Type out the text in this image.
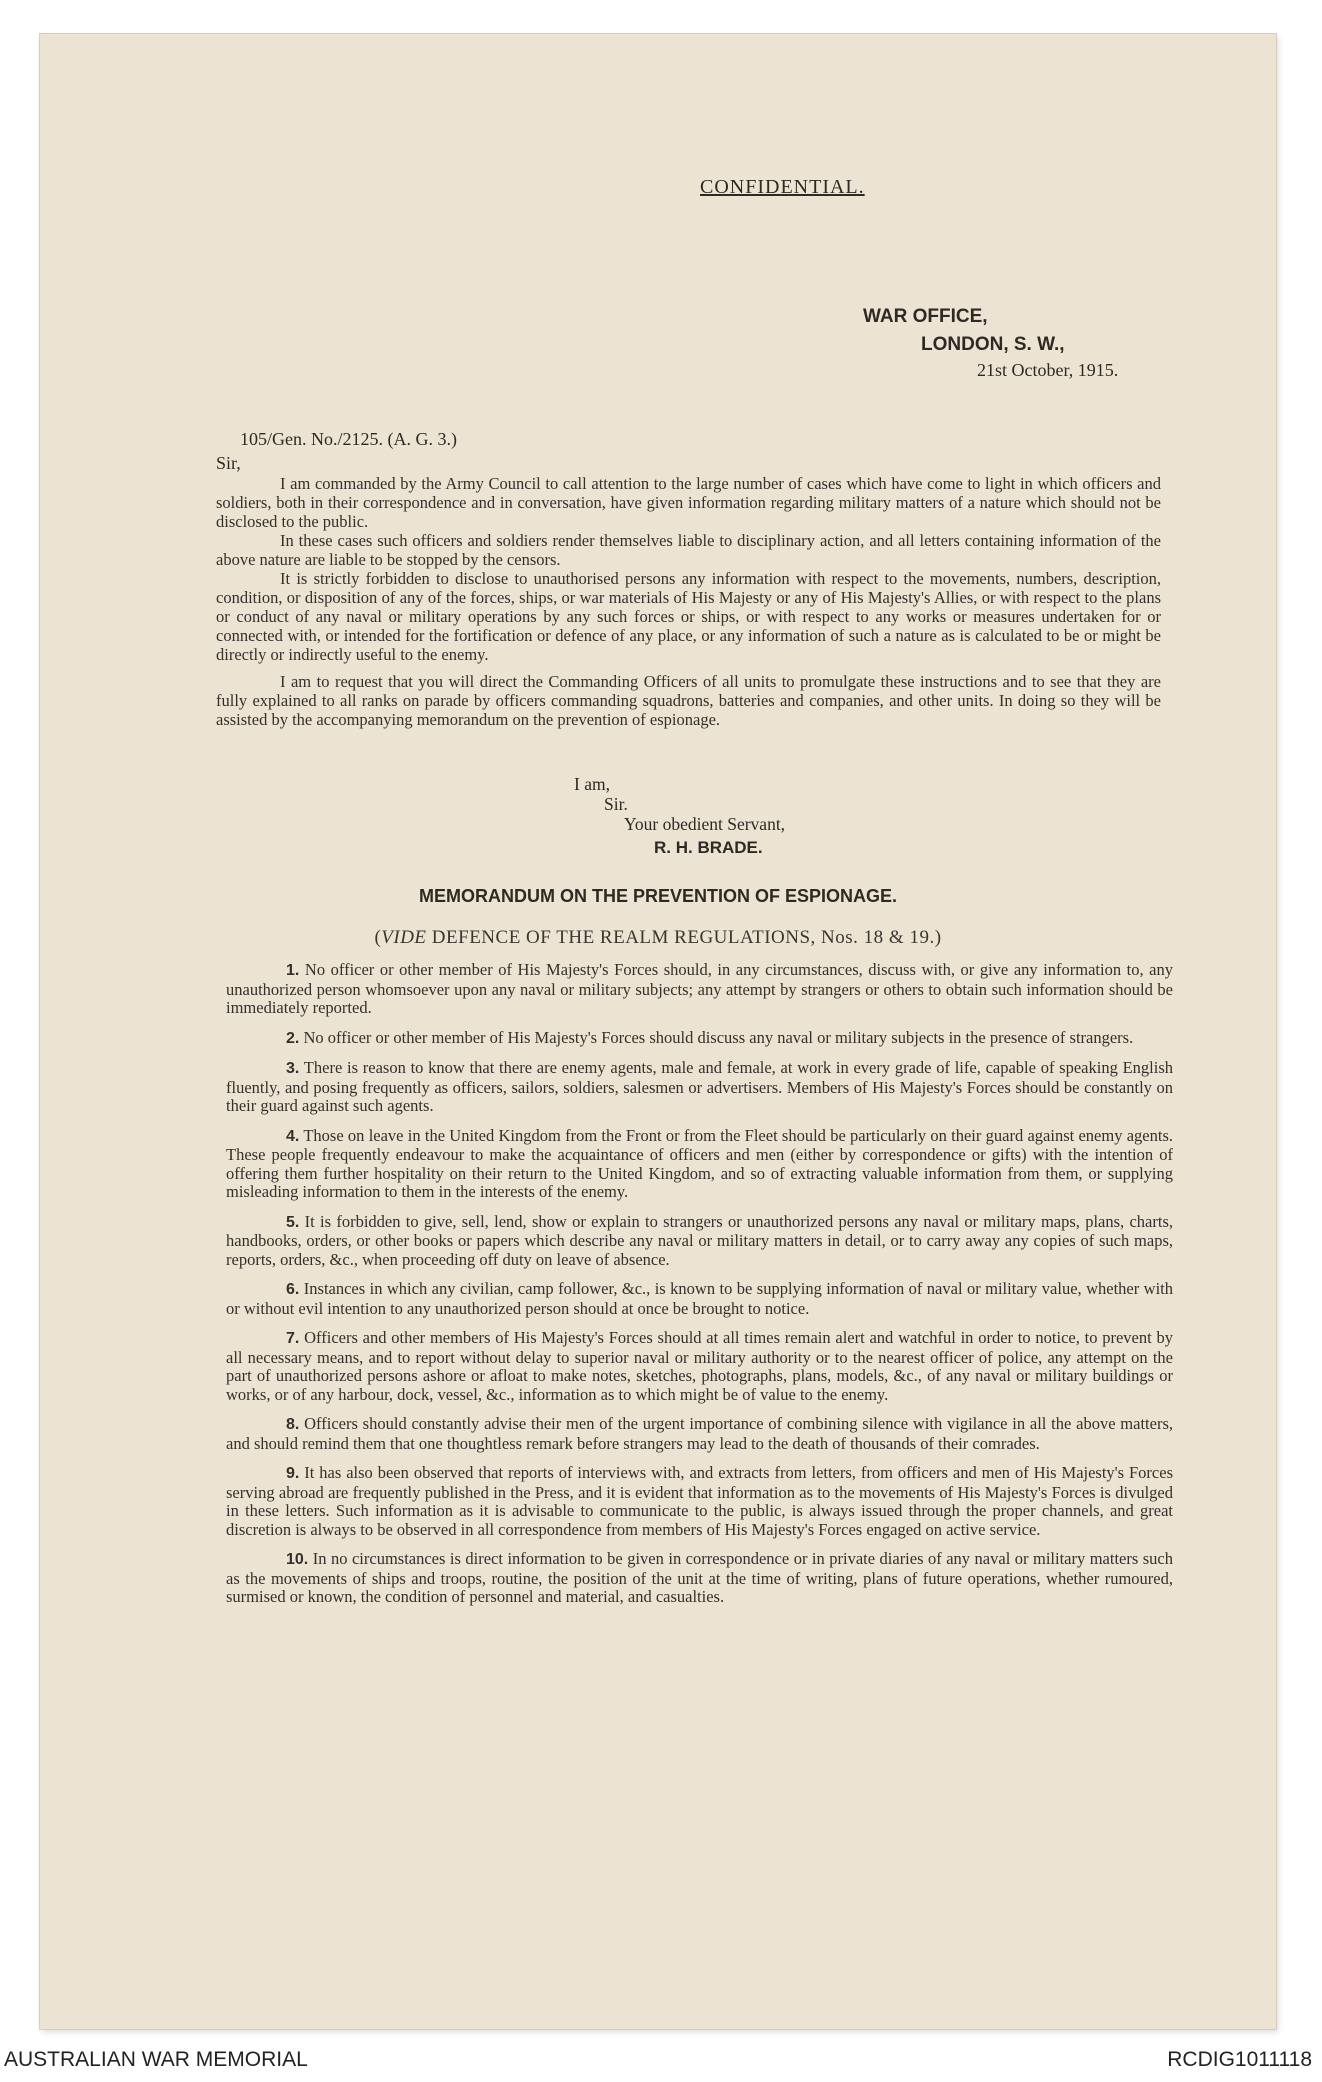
CONFIDENTIAL.
WAR OFFICE,
LONDON, S. W.,
21st October, 1915.
105/Gen. No./2125. (A. G. 3.)
Sir,

I am commanded by the Army Council to call attention to the large number of cases which have come to light in which officers and soldiers, both in their correspondence and in conversation, have given information regarding military matters of a nature which should not be disclosed to the public.

In these cases such officers and soldiers render themselves liable to disciplinary action, and all letters containing information of the above nature are liable to be stopped by the censors.

It is strictly forbidden to disclose to unauthorised persons any information with respect to the movements, numbers, description, condition, or disposition of any of the forces, ships, or war materials of His Majesty or any of His Majesty's Allies, or with respect to the plans or conduct of any naval or military operations by any such forces or ships, or with respect to any works or measures undertaken for or connected with, or intended for the fortification or defence of any place, or any information of such a nature as is calculated to be or might be directly or indirectly useful to the enemy.

I am to request that you will direct the Commanding Officers of all units to promulgate these instructions and to see that they are fully explained to all ranks on parade by officers commanding squadrons, batteries and companies, and other units. In doing so they will be assisted by the accompanying memorandum on the prevention of espionage.

I am,
Sir.
Your obedient Servant,
R. H. BRADE.
MEMORANDUM ON THE PREVENTION OF ESPIONAGE.
(VIDE DEFENCE OF THE REALM REGULATIONS, Nos. 18 & 19.)

1. No officer or other member of His Majesty's Forces should, in any circumstances, discuss with, or give any information to, any unauthorized person whomsoever upon any naval or military subjects; any attempt by strangers or others to obtain such information should be immediately reported.

2. No officer or other member of His Majesty's Forces should discuss any naval or military subjects in the presence of strangers.

3. There is reason to know that there are enemy agents, male and female, at work in every grade of life, capable of speaking English fluently, and posing frequently as officers, sailors, soldiers, salesmen or advertisers. Members of His Majesty's Forces should be constantly on their guard against such agents.

4. Those on leave in the United Kingdom from the Front or from the Fleet should be particularly on their guard against enemy agents. These people frequently endeavour to make the acquaintance of officers and men (either by correspondence or gifts) with the intention of offering them further hospitality on their return to the United Kingdom, and so of extracting valuable information from them, or supplying misleading information to them in the interests of the enemy.

5. It is forbidden to give, sell, lend, show or explain to strangers or unauthorized persons any naval or military maps, plans, charts, handbooks, orders, or other books or papers which describe any naval or military matters in detail, or to carry away any copies of such maps, reports, orders, &c., when proceeding off duty on leave of absence.

6. Instances in which any civilian, camp follower, &c., is known to be supplying information of naval or military value, whether with or without evil intention to any unauthorized person should at once be brought to notice.

7. Officers and other members of His Majesty's Forces should at all times remain alert and watchful in order to notice, to prevent by all necessary means, and to report without delay to superior naval or military authority or to the nearest officer of police, any attempt on the part of unauthorized persons ashore or afloat to make notes, sketches, photographs, plans, models, &c., of any naval or military buildings or works, or of any harbour, dock, vessel, &c., information as to which might be of value to the enemy.

8. Officers should constantly advise their men of the urgent importance of combining silence with vigilance in all the above matters, and should remind them that one thoughtless remark before strangers may lead to the death of thousands of their comrades.

9. It has also been observed that reports of interviews with, and extracts from letters, from officers and men of His Majesty's Forces serving abroad are frequently published in the Press, and it is evident that information as to the movements of His Majesty's Forces is divulged in these letters. Such information as it is advisable to communicate to the public, is always issued through the proper channels, and great discretion is always to be observed in all correspondence from members of His Majesty's Forces engaged on active service.

10. In no circumstances is direct information to be given in correspondence or in private diaries of any naval or military matters such as the movements of ships and troops, routine, the position of the unit at the time of writing, plans of future operations, whether rumoured, surmised or known, the condition of personnel and material, and casualties.

AUSTRALIAN WAR MEMORIAL	RCDIG1011118
